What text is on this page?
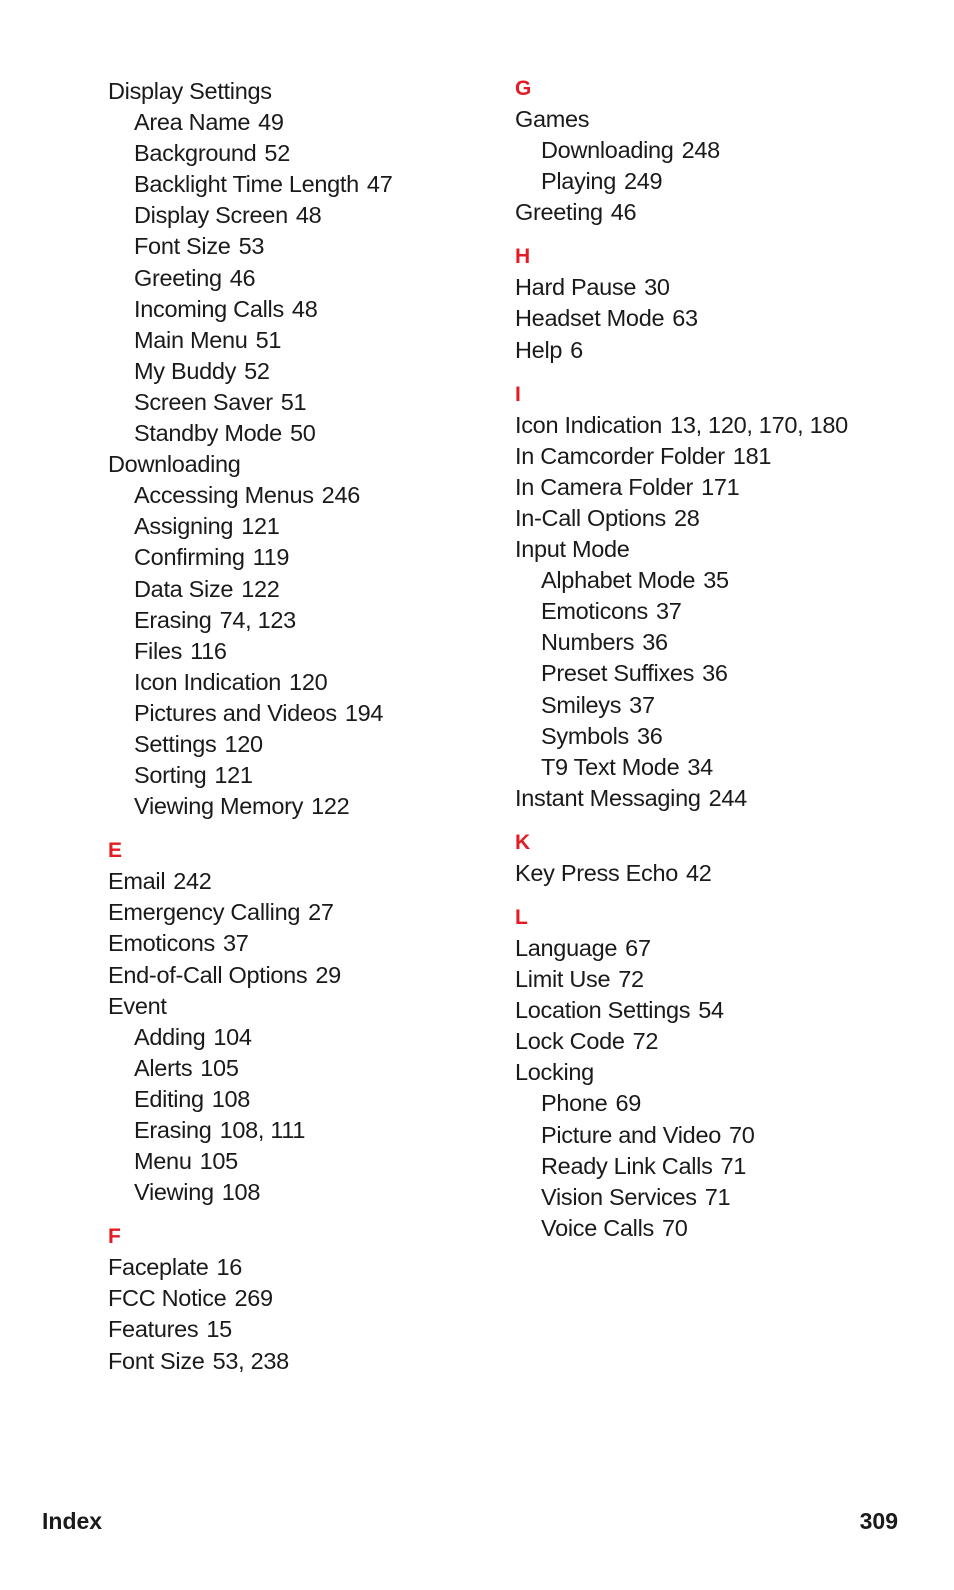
Display Settings
Area Name 49
Background 52
Backlight Time Length 47
Display Screen 48
Font Size 53
Greeting 46
Incoming Calls 48
Main Menu 51
My Buddy 52
Screen Saver 51
Standby Mode 50
Downloading
Accessing Menus 246
Assigning 121
Confirming 119
Data Size 122
Erasing 74, 123
Files 116
Icon Indication 120
Pictures and Videos 194
Settings 120
Sorting 121
Viewing Memory 122
E
Email 242
Emergency Calling 27
Emoticons 37
End-of-Call Options 29
Event
Adding 104
Alerts 105
Editing 108
Erasing 108, 111
Menu 105
Viewing 108
F
Faceplate 16
FCC Notice 269
Features 15
Font Size 53, 238
G
Games
Downloading 248
Playing 249
Greeting 46
H
Hard Pause 30
Headset Mode 63
Help 6
I
Icon Indication 13, 120, 170, 180
In Camcorder Folder 181
In Camera Folder 171
In-Call Options 28
Input Mode
Alphabet Mode 35
Emoticons 37
Numbers 36
Preset Suffixes 36
Smileys 37
Symbols 36
T9 Text Mode 34
Instant Messaging 244
K
Key Press Echo 42
L
Language 67
Limit Use 72
Location Settings 54
Lock Code 72
Locking
Phone 69
Picture and Video 70
Ready Link Calls 71
Vision Services 71
Voice Calls 70
Index	309
